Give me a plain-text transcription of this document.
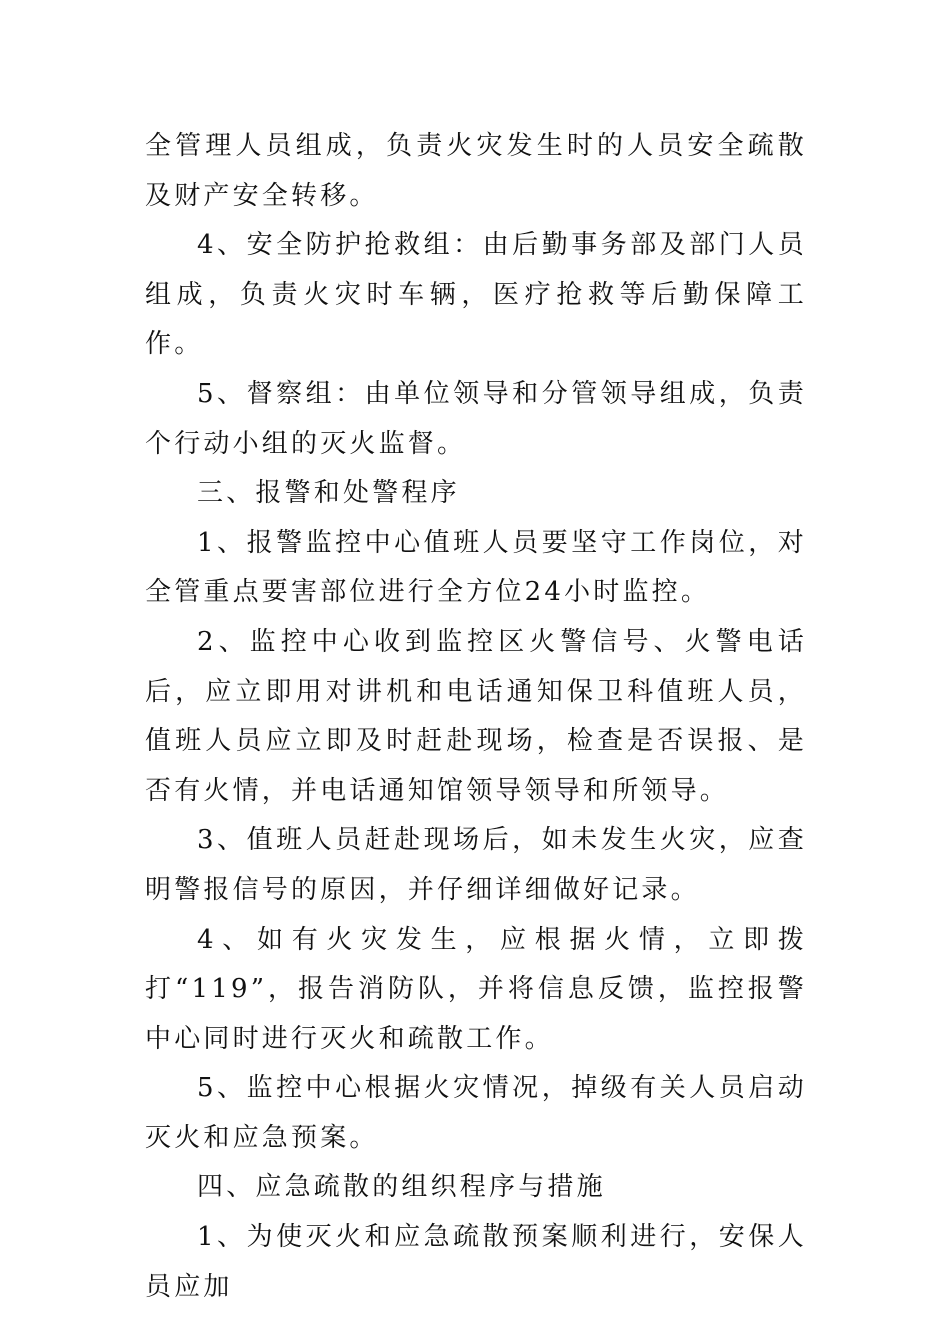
全管理人员组成，负责火灾发生时的人员安全疏散及财产安全转移。

4、安全防护抢救组：由后勤事务部及部门人员组成，负责火灾时车辆，医疗抢救等后勤保障工作。

5、督察组：由单位领导和分管领导组成，负责个行动小组的灭火监督。

三、报警和处警程序

1、报警监控中心值班人员要坚守工作岗位，对全管重点要害部位进行全方位24小时监控。

2、监控中心收到监控区火警信号、火警电话后，应立即用对讲机和电话通知保卫科值班人员，值班人员应立即及时赶赴现场，检查是否误报、是否有火情，并电话通知馆领导领导和所领导。

3、值班人员赶赴现场后，如未发生火灾，应查明警报信号的原因，并仔细详细做好记录。

4、如有火灾发生，应根据火情，立即拨打“119”，报告消防队，并将信息反馈，监控报警中心同时进行灭火和疏散工作。

5、监控中心根据火灾情况，掉级有关人员启动灭火和应急预案。

四、应急疏散的组织程序与措施

1、为使灭火和应急疏散预案顺利进行，安保人员应加
